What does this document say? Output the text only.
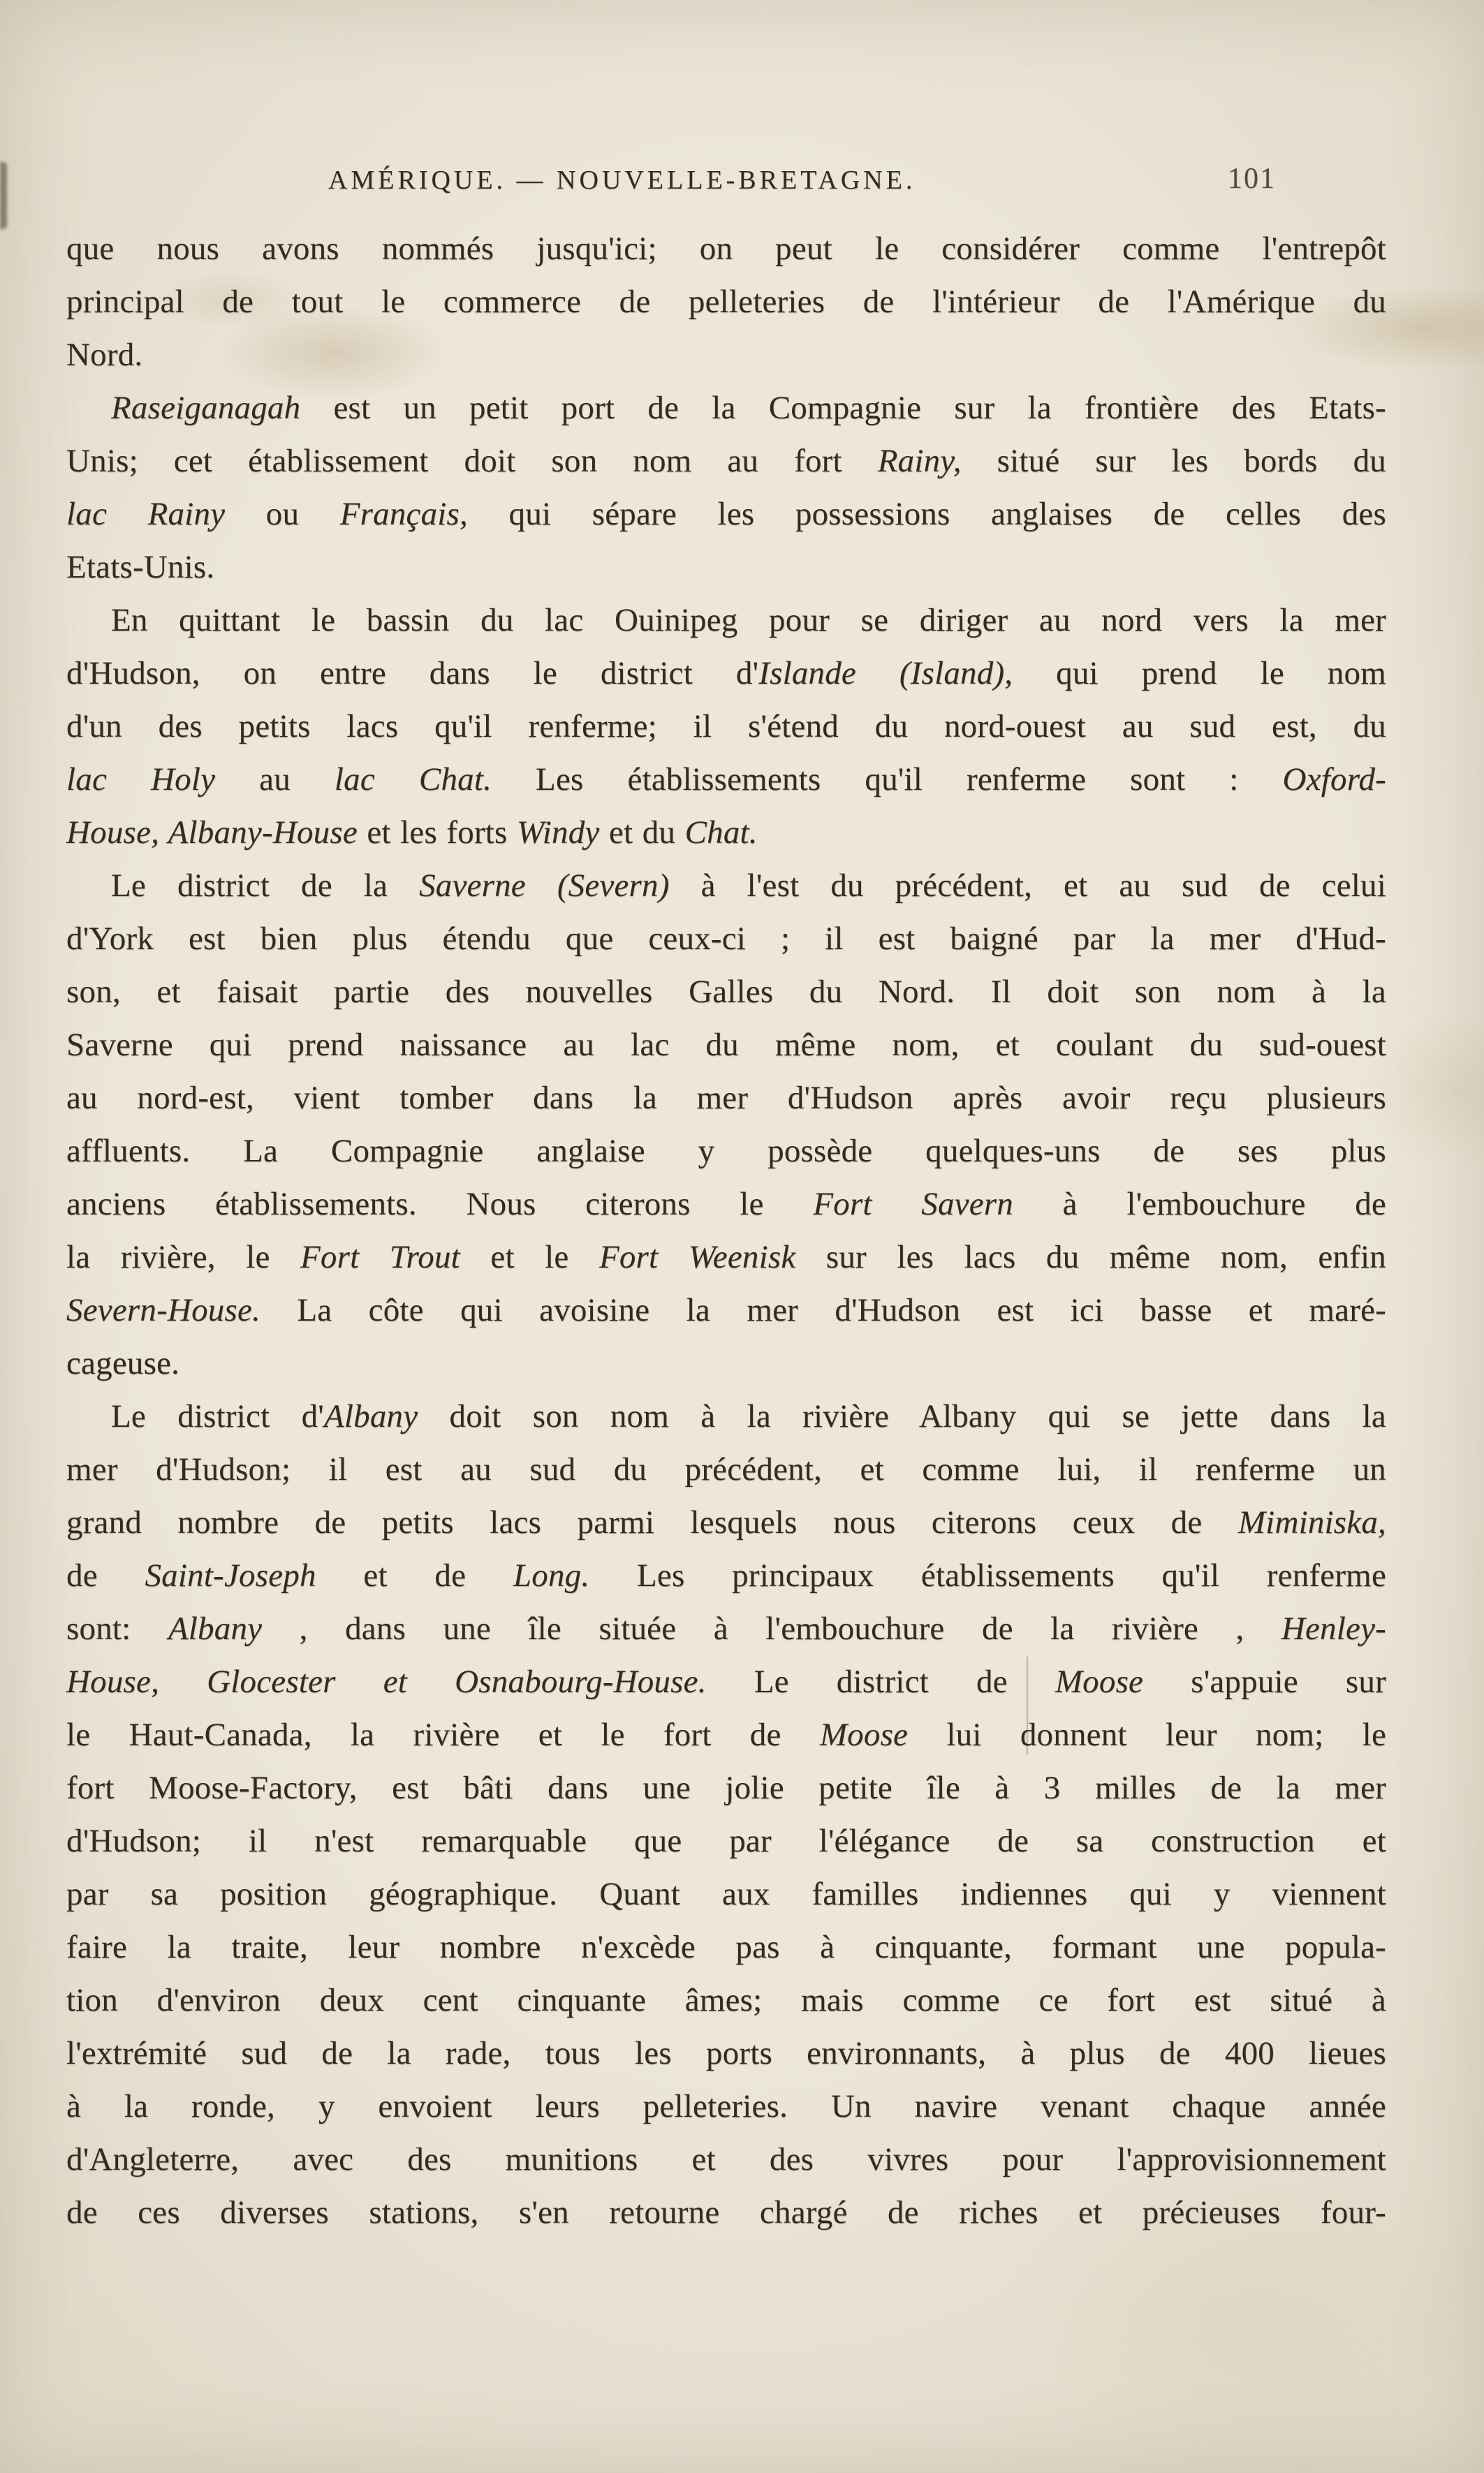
AMÉRIQUE. — NOUVELLE-BRETAGNE.	101
que nous avons nommés jusqu'ici; on peut le considérer comme l'entrepôt
principal de tout le commerce de pelleteries de l'intérieur de l'Amérique du
Nord.
Raseiganagah est un petit port de la Compagnie sur la frontière des Etats-
Unis; cet établissement doit son nom au fort Rainy, situé sur les bords du
lac Rainy ou Français, qui sépare les possessions anglaises de celles des
Etats-Unis.
En quittant le bassin du lac Ouinipeg pour se diriger au nord vers la mer
d'Hudson, on entre dans le district d'Islande (Island), qui prend le nom
d'un des petits lacs qu'il renferme; il s'étend du nord-ouest au sud est, du
lac Holy au lac Chat. Les établissements qu'il renferme sont : Oxford-
House, Albany-House et les forts Windy et du Chat.
Le district de la Saverne (Severn) à l'est du précédent, et au sud de celui
d'York est bien plus étendu que ceux-ci ; il est baigné par la mer d'Hud-
son, et faisait partie des nouvelles Galles du Nord. Il doit son nom à la
Saverne qui prend naissance au lac du même nom, et coulant du sud-ouest
au nord-est, vient tomber dans la mer d'Hudson après avoir reçu plusieurs
affluents. La Compagnie anglaise y possède quelques-uns de ses plus
anciens établissements. Nous citerons le Fort Savern à l'embouchure de
la rivière, le Fort Trout et le Fort Weenisk sur les lacs du même nom, enfin
Severn-House. La côte qui avoisine la mer d'Hudson est ici basse et maré-
cageuse.
Le district d'Albany doit son nom à la rivière Albany qui se jette dans la
mer d'Hudson; il est au sud du précédent, et comme lui, il renferme un
grand nombre de petits lacs parmi lesquels nous citerons ceux de Miminiska,
de Saint-Joseph et de Long. Les principaux établissements qu'il renferme
sont: Albany , dans une île située à l'embouchure de la rivière , Henley-
House, Glocester et Osnabourg-House. Le district de Moose s'appuie sur
le Haut-Canada, la rivière et le fort de Moose lui donnent leur nom; le
fort Moose-Factory, est bâti dans une jolie petite île à 3 milles de la mer
d'Hudson; il n'est remarquable que par l'élégance de sa construction et
par sa position géographique. Quant aux familles indiennes qui y viennent
faire la traite, leur nombre n'excède pas à cinquante, formant une popula-
tion d'environ deux cent cinquante âmes; mais comme ce fort est situé à
l'extrémité sud de la rade, tous les ports environnants, à plus de 400 lieues
à la ronde, y envoient leurs pelleteries. Un navire venant chaque année
d'Angleterre, avec des munitions et des vivres pour l'approvisionnement
de ces diverses stations, s'en retourne chargé de riches et précieuses four-
